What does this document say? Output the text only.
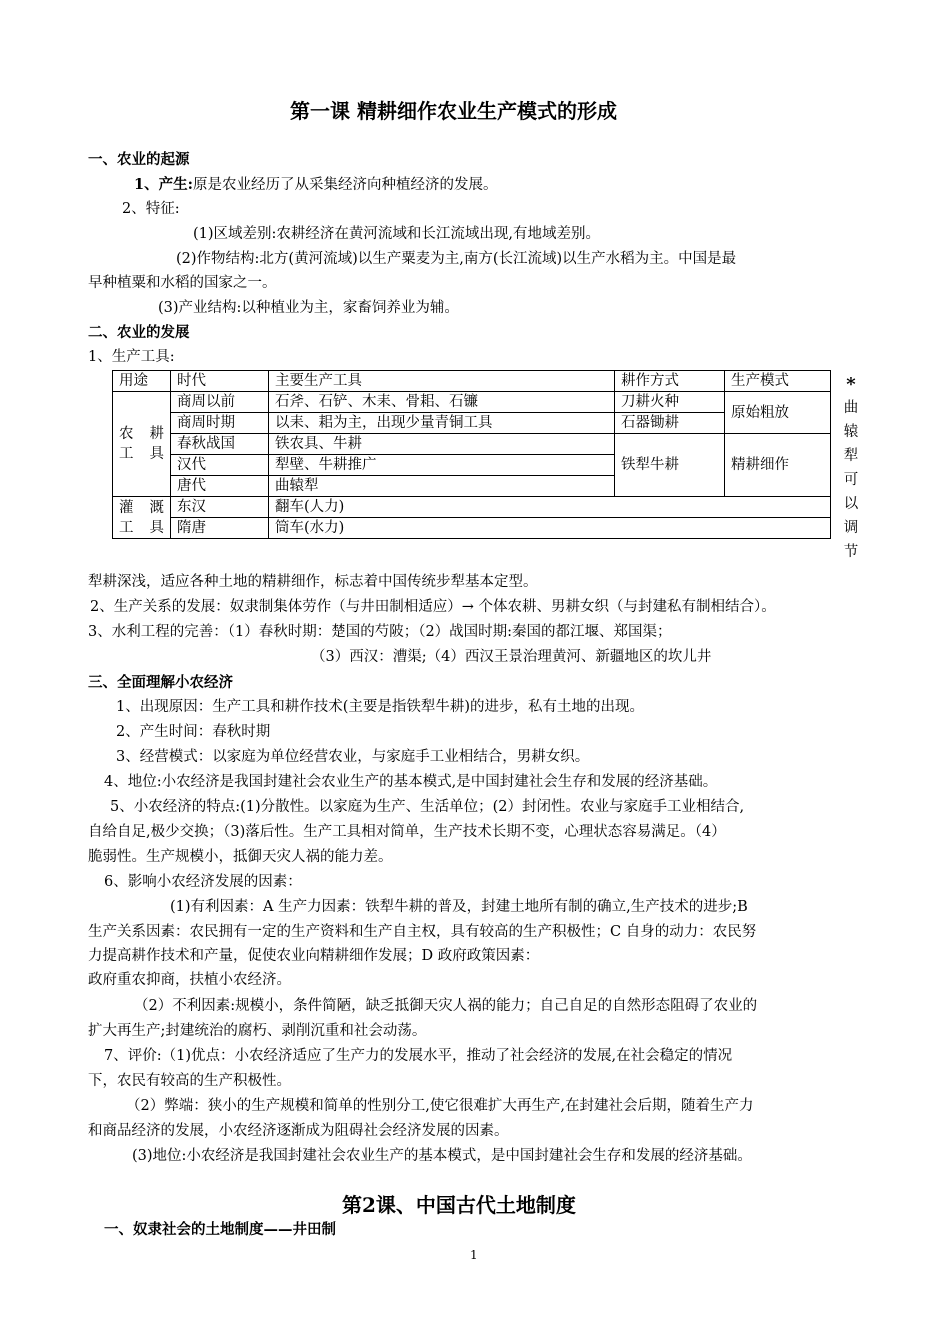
第一课 精耕细作农业生产模式的形成
一、农业的起源
1、产生:原是农业经历了从采集经济向种植经济的发展。
2、特征:
(1)区域差别:农耕经济在黄河流域和长江流域出现,有地域差别。
(2)作物结构:北方(黄河流域)以生产粟麦为主,南方(长江流域)以生产水稻为主。中国是最
早种植粟和水稻的国家之一。
(3)产业结构:以种植业为主，家畜饲养业为辅。
二、农业的发展
1、生产工具:
用途	时代	主要生产工具	耕作方式	生产模式
农 耕 工具	商周以前	石斧、石铲、木耒、骨耜、石镰	刀耕火种	原始粗放
	商周时期	以耒、耜为主，出现少量青铜工具	石器锄耕	
	春秋战国	铁农具、牛耕	铁犁牛耕	精耕细作
	汉代	犁壁、牛耕推广		
	唐代	曲辕犁		
灌 溉 工具	东汉	翻车(人力)		
	隋唐	筒车(水力)		
*
曲
辕
犁
可
以
调
节
犁耕深浅，适应各种土地的精耕细作，标志着中国传统步犁基本定型。
2、生产关系的发展：奴隶制集体劳作（与井田制相适应）→ 个体农耕、男耕女织（与封建私有制相结合）。
3、水利工程的完善：（1）春秋时期：楚国的芍陂；（2）战国时期:秦国的都江堰、郑国渠；
（3）西汉：漕渠;（4）西汉王景治理黄河、新疆地区的坎儿井
三、全面理解小农经济
1、出现原因：生产工具和耕作技术(主要是指铁犁牛耕)的进步，私有土地的出现。
2、产生时间：春秋时期
3、经营模式：以家庭为单位经营农业，与家庭手工业相结合，男耕女织。
4、地位:小农经济是我国封建社会农业生产的基本模式,是中国封建社会生存和发展的经济基础。
5、小农经济的特点:(1)分散性。以家庭为生产、生活单位；(2）封闭性。农业与家庭手工业相结合,
自给自足,极少交换；（3)落后性。生产工具相对简单，生产技术长期不变，心理状态容易满足。（4）
脆弱性。生产规模小，抵御天灾人祸的能力差。
6、影响小农经济发展的因素：
(1)有利因素：A 生产力因素：铁犁牛耕的普及，封建土地所有制的确立,生产技术的进步;B
生产关系因素：农民拥有一定的生产资料和生产自主权，具有较高的生产积极性；C 自身的动力：农民努
力提高耕作技术和产量，促使农业向精耕细作发展；D 政府政策因素：
政府重农抑商，扶植小农经济。
（2）不利因素:规模小，条件简陋，缺乏抵御天灾人祸的能力；自己自足的自然形态阻碍了农业的
扩大再生产;封建统治的腐朽、剥削沉重和社会动荡。
7、评价:（1)优点：小农经济适应了生产力的发展水平，推动了社会经济的发展,在社会稳定的情况
下，农民有较高的生产积极性。
（2）弊端：狭小的生产规模和简单的性别分工,使它很难扩大再生产,在封建社会后期，随着生产力
和商品经济的发展，小农经济逐渐成为阻碍社会经济发展的因素。
(3)地位:小农经济是我国封建社会农业生产的基本模式，是中国封建社会生存和发展的经济基础。
第2课、中国古代土地制度
一、奴隶社会的土地制度——井田制
1
